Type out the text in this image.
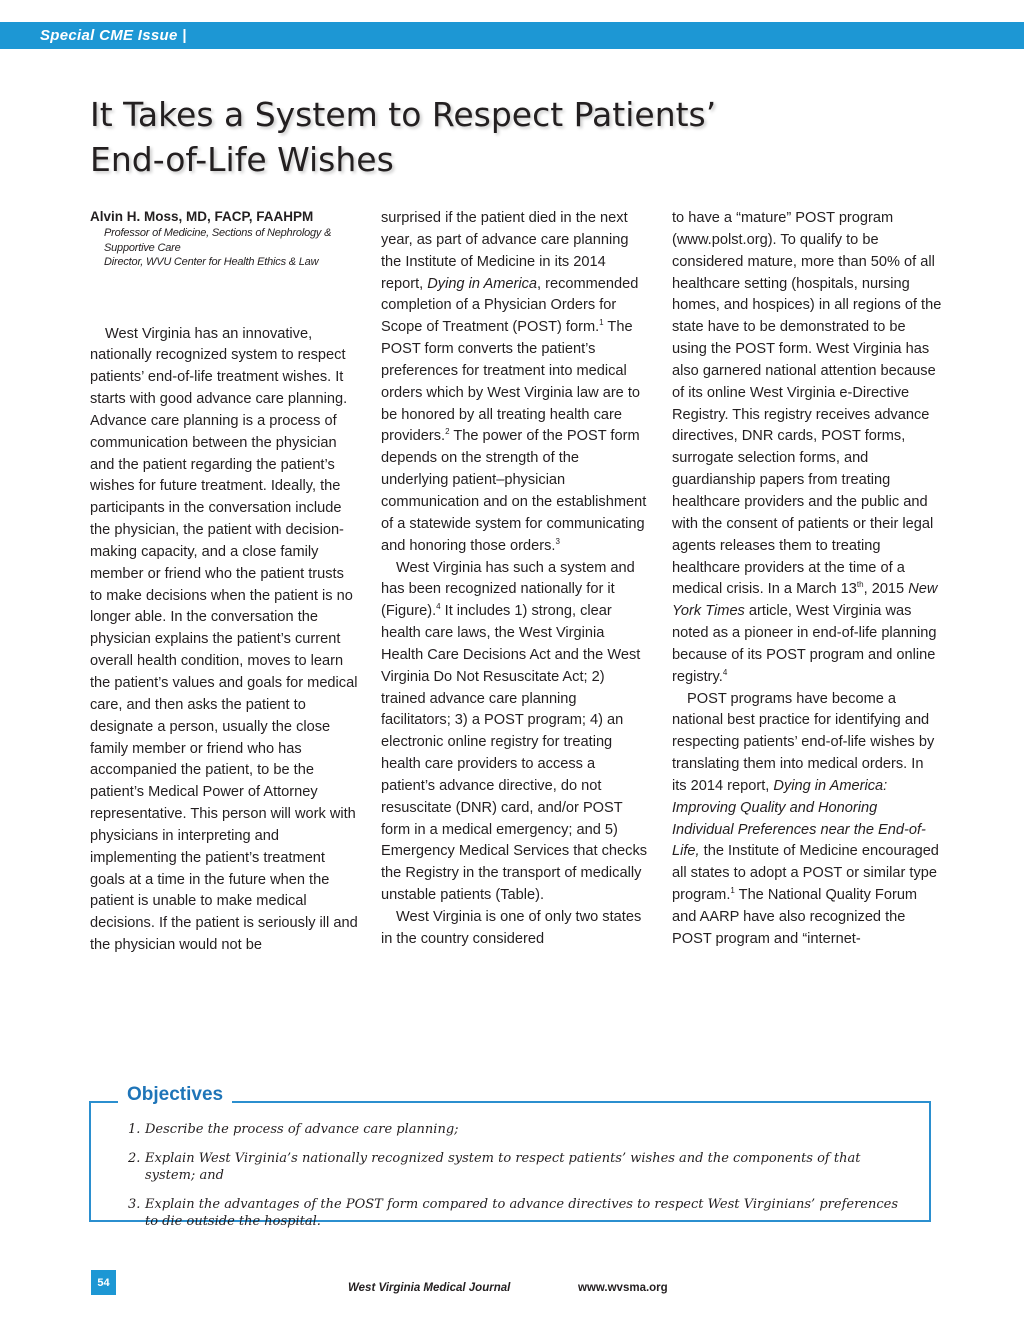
Special CME Issue |
It Takes a System to Respect Patients’
End-of-Life Wishes

Alvin H. Moss, MD, FACP, FAAHPM

Professor of Medicine, Sections of Nephrology &

Supportive Care

Director, WVU Center for Health Ethics & Law

West Virginia has an innovative, nationally recognized system to respect patients’ end-of-life treatment wishes. It starts with good advance care planning. Advance care planning is a process of communication between the physician and the patient regarding the patient’s wishes for future treatment. Ideally, the participants in the conversation include the physician, the patient with decision-making capacity, and a close family member or friend who the patient trusts to make decisions when the patient is no longer able. In the conversation the physician explains the patient’s current overall health condition, moves to learn the patient’s values and goals for medical care, and then asks the patient to designate a person, usually the close family member or friend who has accompanied the patient, to be the patient’s Medical Power of Attorney representative. This person will work with physicians in interpreting and implementing the patient’s treatment goals at a time in the future when the patient is unable to make medical decisions. If the patient is seriously ill and the physician would not be

surprised if the patient died in the next year, as part of advance care planning the Institute of Medicine in its 2014 report, Dying in America, recommended completion of a Physician Orders for Scope of Treatment (POST) form.$^1$ The POST form converts the patient’s preferences for treatment into medical orders which by West Virginia law are to be honored by all treating health care providers.$^2$ The power of the POST form depends on the strength of the underlying patient–physician communication and on the establishment of a statewide system for communicating and honoring those orders.$^3$

West Virginia has such a system and has been recognized nationally for it (Figure).$^4$ It includes 1) strong, clear health care laws, the West Virginia Health Care Decisions Act and the West Virginia Do Not Resuscitate Act; 2) trained advance care planning facilitators; 3) a POST program; 4) an electronic online registry for treating health care providers to access a patient’s advance directive, do not resuscitate (DNR) card, and/or POST form in a medical emergency; and 5) Emergency Medical Services that checks the Registry in the transport of medically unstable patients (Table).

West Virginia is one of only two states in the country considered

to have a “mature” POST program (www.polst.org). To qualify to be considered mature, more than 50% of all healthcare setting (hospitals, nursing homes, and hospices) in all regions of the state have to be demonstrated to be using the POST form. West Virginia has also garnered national attention because of its online West Virginia e-Directive Registry. This registry receives advance directives, DNR cards, POST forms, surrogate selection forms, and guardianship papers from treating healthcare providers and the public and with the consent of patients or their legal agents releases them to treating healthcare providers at the time of a medical crisis. In a March 13th, 2015 New York Times article, West Virginia was noted as a pioneer in end-of-life planning because of its POST program and online registry.$^4$

POST programs have become a national best practice for identifying and respecting patients’ end-of-life wishes by translating them into medical orders. In its 2014 report, Dying in America: Improving Quality and Honoring Individual Preferences near the End-of-Life, the Institute of Medicine encouraged all states to adopt a POST or similar type program.$^1$ The National Quality Forum and AARP have also recognized the POST program and “internet-

Objectives
1. Describe the process of advance care planning;
2. Explain West Virginia’s nationally recognized system to respect patients’ wishes and the components of that system; and
3. Explain the advantages of the POST form compared to advance directives to respect West Virginians’ preferences to die outside the hospital.
54	West Virginia Medical Journal	www.wvsma.org
